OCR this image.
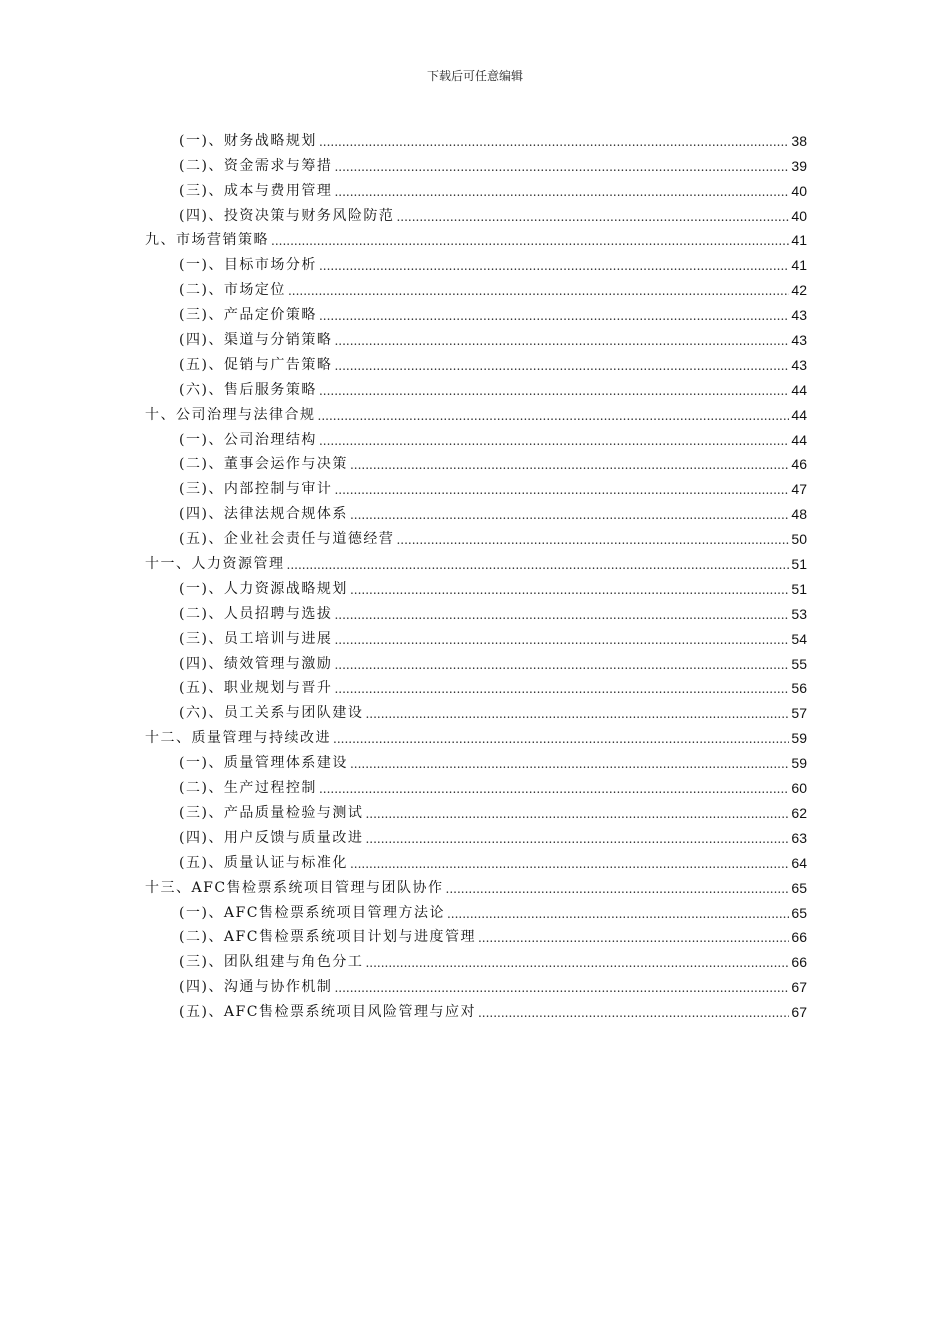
下载后可任意编辑
(一)、财务战略规划 .....	38
(二)、资金需求与筹措 .....	39
(三)、成本与费用管理 .....	40
(四)、投资决策与财务风险防范 .....	40
九、市场营销策略 .....	41
(一)、目标市场分析 .....	41
(二)、市场定位 .....	42
(三)、产品定价策略 .....	43
(四)、渠道与分销策略 .....	43
(五)、促销与广告策略 .....	43
(六)、售后服务策略 .....	44
十、公司治理与法律合规 .....	44
(一)、公司治理结构 .....	44
(二)、董事会运作与决策 .....	46
(三)、内部控制与审计 .....	47
(四)、法律法规合规体系 .....	48
(五)、企业社会责任与道德经营 .....	50
十一、人力资源管理 .....	51
(一)、人力资源战略规划 .....	51
(二)、人员招聘与选拔 .....	53
(三)、员工培训与进展 .....	54
(四)、绩效管理与激励 .....	55
(五)、职业规划与晋升 .....	56
(六)、员工关系与团队建设 .....	57
十二、质量管理与持续改进 .....	59
(一)、质量管理体系建设 .....	59
(二)、生产过程控制 .....	60
(三)、产品质量检验与测试 .....	62
(四)、用户反馈与质量改进 .....	63
(五)、质量认证与标准化 .....	64
十三、AFC售检票系统项目管理与团队协作 .....	65
(一)、AFC售检票系统项目管理方法论 .....	65
(二)、AFC售检票系统项目计划与进度管理 .....	66
(三)、团队组建与角色分工 .....	66
(四)、沟通与协作机制 .....	67
(五)、AFC售检票系统项目风险管理与应对 .....	67
